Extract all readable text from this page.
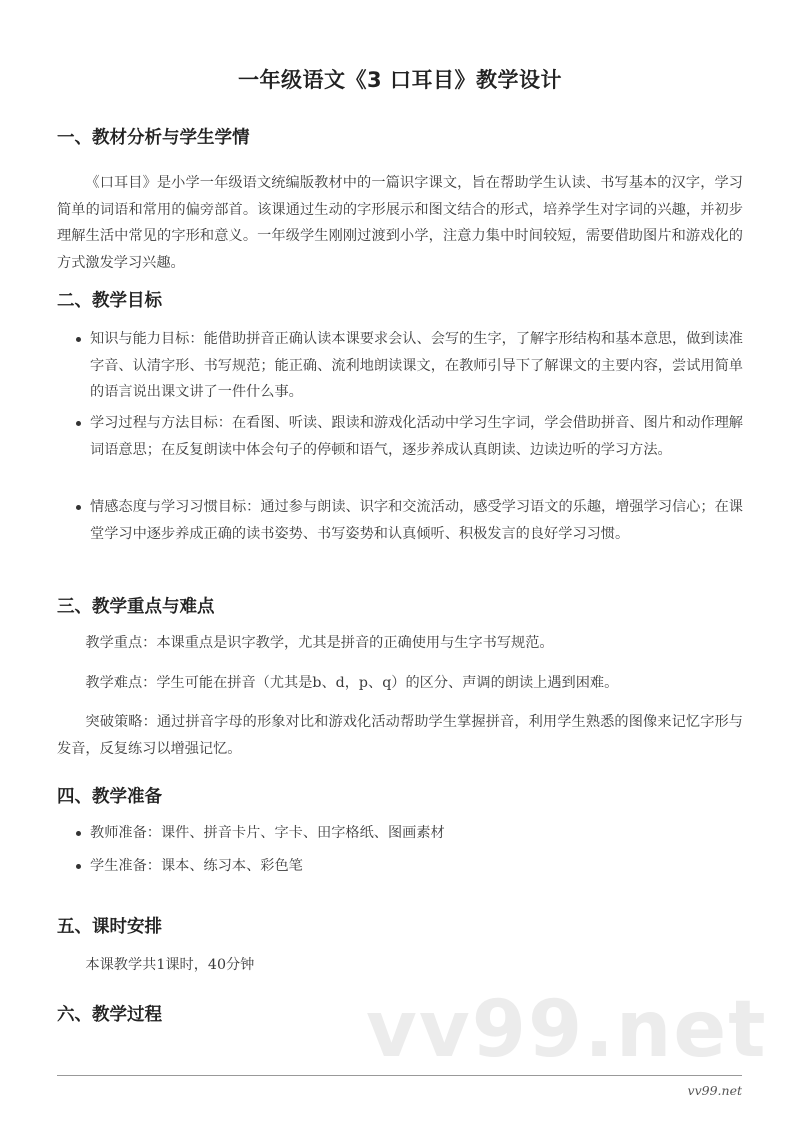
一年级语文《3 口耳目》教学设计
一、教材分析与学生学情
《口耳目》是小学一年级语文统编版教材中的一篇识字课文，旨在帮助学生认读、书写基本的汉字，学习简单的词语和常用的偏旁部首。该课通过生动的字形展示和图文结合的形式，培养学生对字词的兴趣，并初步理解生活中常见的字形和意义。一年级学生刚刚过渡到小学，注意力集中时间较短，需要借助图片和游戏化的方式激发学习兴趣。
二、教学目标
知识与能力目标：能借助拼音正确认读本课要求会认、会写的生字，了解字形结构和基本意思，做到读准字音、认清字形、书写规范；能正确、流利地朗读课文，在教师引导下了解课文的主要内容，尝试用简单的语言说出课文讲了一件什么事。
学习过程与方法目标：在看图、听读、跟读和游戏化活动中学习生字词，学会借助拼音、图片和动作理解词语意思；在反复朗读中体会句子的停顿和语气，逐步养成认真朗读、边读边听的学习方法。
情感态度与学习习惯目标：通过参与朗读、识字和交流活动，感受学习语文的乐趣，增强学习信心；在课堂学习中逐步养成正确的读书姿势、书写姿势和认真倾听、积极发言的良好学习习惯。
三、教学重点与难点
教学重点：本课重点是识字教学，尤其是拼音的正确使用与生字书写规范。
教学难点：学生可能在拼音（尤其是b、d，p、q）的区分、声调的朗读上遇到困难。
突破策略：通过拼音字母的形象对比和游戏化活动帮助学生掌握拼音，利用学生熟悉的图像来记忆字形与发音，反复练习以增强记忆。
四、教学准备
教师准备：课件、拼音卡片、字卡、田字格纸、图画素材
学生准备：课本、练习本、彩色笔
五、课时安排
本课教学共1课时，40分钟
六、教学过程	vv99.net
vv99.net
